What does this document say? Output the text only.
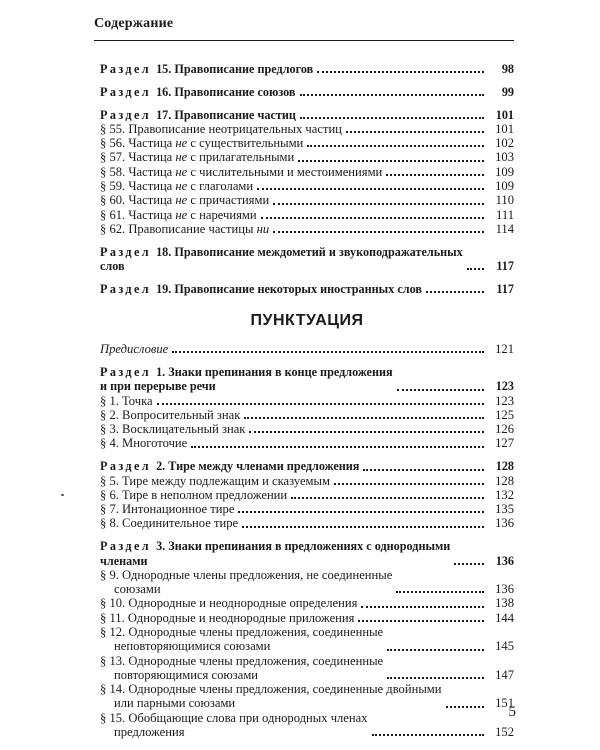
Содержание
Раздел 15. Правописание предлогов	98
Раздел 16. Правописание союзов	99
Раздел 17. Правописание частиц	101
§ 55. Правописание неотрицательных частиц	101
§ 56. Частица не с существительными	102
§ 57. Частица не с прилагательными	103
§ 58. Частица не с числительными и местоимениями	109
§ 59. Частица не с глаголами	109
§ 60. Частица не с причастиями	110
§ 61. Частица не с наречиями	111
§ 62. Правописание частицы ни	114
Раздел 18. Правописание междометий и звукоподражательных
слов	117
Раздел 19. Правописание некоторых иностранных слов	117
ПУНКТУАЦИЯ
Предисловие	121
Раздел 1. Знаки препинания в конце предложения
и при перерыве речи	123
§ 1. Точка	123
§ 2. Вопросительный знак	125
§ 3. Восклицательный знак	126
§ 4. Многоточие	127
Раздел 2. Тире между членами предложения	128
§ 5. Тире между подлежащим и сказуемым	128
§ 6. Тире в неполном предложении	132
§ 7. Интонационное тире	135
§ 8. Соединительное тире	136
Раздел 3. Знаки препинания в предложениях с однородными
членами	136
§ 9. Однородные члены предложения, не соединенные
союзами	136
§ 10. Однородные и неоднородные определения	138
§ 11. Однородные и неоднородные приложения	144
§ 12. Однородные члены предложения, соединенные
неповторяющимися союзами	145
§ 13. Однородные члены предложения, соединенные
повторяющимися союзами	147
§ 14. Однородные члены предложения, соединенные двойными
или парными союзами	151
§ 15. Обобщающие слова при однородных членах
предложения	152
5
